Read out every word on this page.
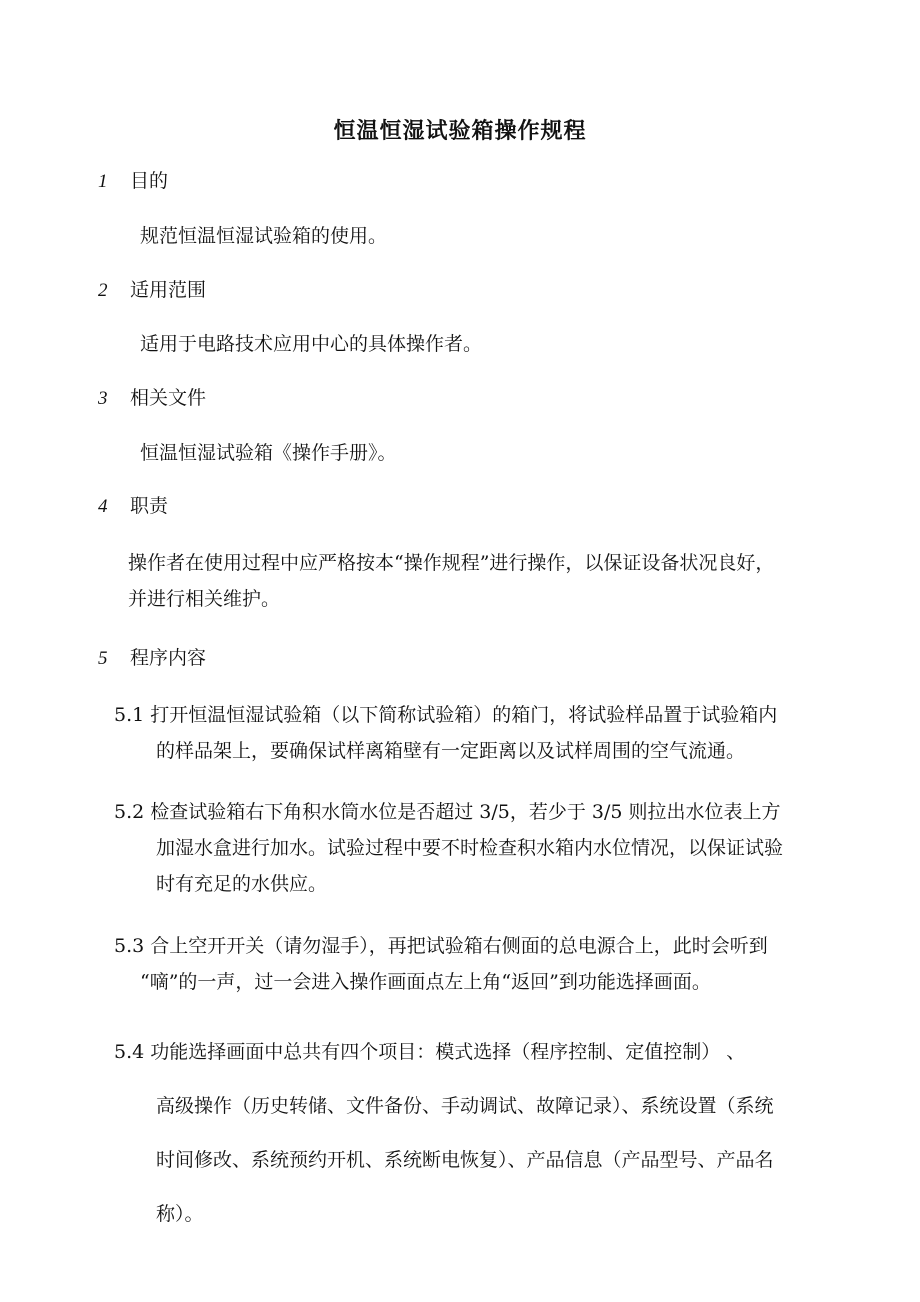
恒温恒湿试验箱操作规程
1 目的
规范恒温恒湿试验箱的使用。
2 适用范围
适用于电路技术应用中心的具体操作者。
3 相关文件
恒温恒湿试验箱《操作手册》。
4 职责
操作者在使用过程中应严格按本“操作规程”进行操作，以保证设备状况良好，
并进行相关维护。
5 程序内容
5.1 打开恒温恒湿试验箱（以下简称试验箱）的箱门，将试验样品置于试验箱内
的样品架上，要确保试样离箱壁有一定距离以及试样周围的空气流通。
5.2 检查试验箱右下角积水筒水位是否超过 3/5，若少于 3/5 则拉出水位表上方
加湿水盒进行加水。试验过程中要不时检查积水箱内水位情况，以保证试验
时有充足的水供应。
5.3 合上空开开关（请勿湿手），再把试验箱右侧面的总电源合上，此时会听到
“嘀”的一声，过一会进入操作画面点左上角“返回”到功能选择画面。
5.4 功能选择画面中总共有四个项目：模式选择（程序控制、定值控制） 、
高级操作（历史转储、文件备份、手动调试、故障记录）、系统设置（系统
时间修改、系统预约开机、系统断电恢复）、产品信息（产品型号、产品名
称）。
